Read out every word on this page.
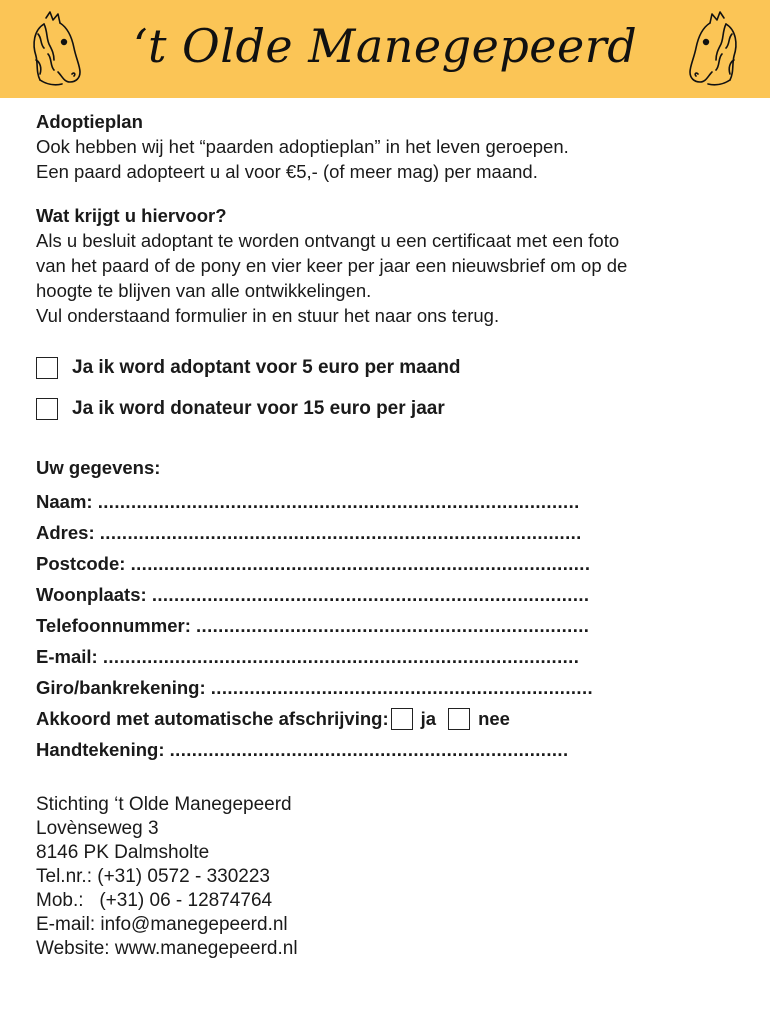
‘t Olde Manegepeerd

Adoptieplan

Ook hebben wij het “paarden adoptieplan” in het leven geroepen.

Een paard adopteert u al voor €5,- (of meer mag) per maand.

Wat krijgt u hiervoor?

Als u besluit adoptant te worden ontvangt u een certificaat met een foto

van het paard of de pony en vier keer per jaar een nieuwsbrief om op de

hoogte te blijven van alle ontwikkelingen.

Vul onderstaand formulier in en stuur het naar ons terug.

Ja ik word adoptant voor 5 euro per maand
Ja ik word donateur voor 15 euro per jaar

Uw gegevens:

Naam: .......................................................................................
Adres: .......................................................................................
Postcode: ...................................................................................
Woonplaats: ...............................................................................
Telefoonnummer: .......................................................................
E-mail: ......................................................................................
Giro/bankrekening: .....................................................................
Akkoord met automatische afschrijving: ja nee
Handtekening: ........................................................................

Stichting ‘t Olde Manegepeerd

Lovènseweg 3

8146 PK Dalmsholte

Tel.nr.: (+31) 0572 - 330223

Mob.:   (+31) 06 - 12874764

E-mail: info@manegepeerd.nl

Website: www.manegepeerd.nl
